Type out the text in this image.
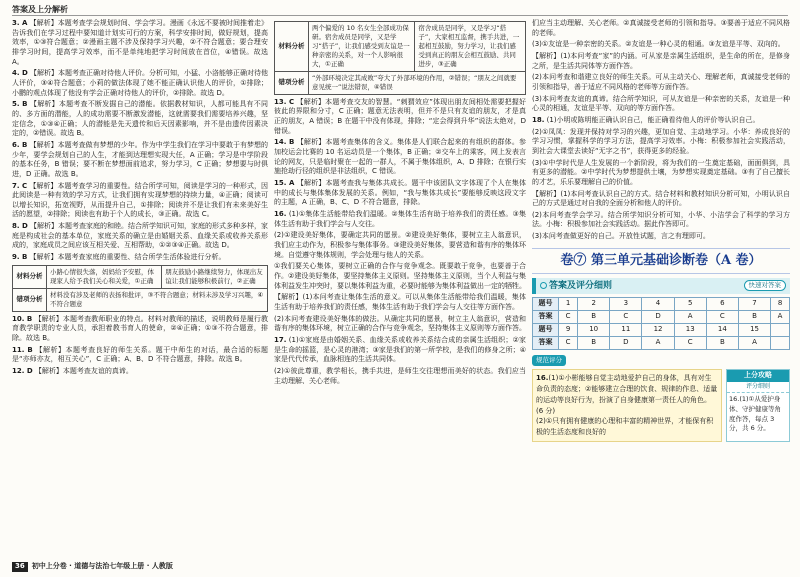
答案及上分解析
3. A 【解析】本题考查学会规划时间、学会学习。漫画《永远不要被时间推着走》告诉我们在学习过程中要知道计划实可行的方案，科学安排时间，做好规划，提高效率，①③符合题意；②漫画主题不涉及保持学习兴趣，②不符合题意；要合理安排学习时间，提高学习效率，而不是单纯地把学习时间放在首位，④错误。故选 A。
4. D 【解析】本题考查正确对待他人评价。分析可知，小猛、小洛能够正确对待他人评价，③④符合题意；小莉的做法体现了她不能正确认识他人的评价，①排除；小鹏的观点体现了他没有学会正确对待他人的评价，②排除。故选 D。
5. B 【解析】本题考查不断发掘自己的潜能。依据教材知识，人都可能具有不同的、多方面的潜能，人的成功需要不断激发潜能，这就需要我们需要培养兴趣，坚定信念，①③④正确；人的潜能是先天遗传和后天因素影响，并不是由遗传因素决定的，②错误。故选 B。
6. B 【解析】本题考查做有梦想的少年。作为中学生我们在学习中要敢于有梦想的少年，要学会规划自己的人生，才能到达理想实现大任，A 正确；学习是中学阶段的基本任务，B 错误；要不断在梦想面前追求，努力学习，C 正确；梦想要与时俱进，D 正确。故选 B。
7. C 【解析】本题考查学习的重要性。结合所学可知，阅读是学习的一种形式，因此阅读是一种有效的学习方式，让我们拥有实现梦想的持续力量，④正确；阅读可以增长知识，拓宽视野，从而提升自己，①排除；阅读并不是让我们有未来美好生活的愿望，②排除；阅读也有助于个人的成长，③正确。故选 C。
8. D 【解析】本题考查家庭的和睦。结合所学知识可知，家庭的形式多种多样，家庭是构成社会的基本单位，家庭关系的确立是由婚姻关系、血缘关系或收养关系形成的，家庭成员之间应该互相关爱、互相帮助，①②③④正确。故选 D。
9. B 【解析】本题考查家庭的重要性、结合所学生活体验进行分析。
材料分析	小路心情很失落，妈妈给予安慰，体现家人给予我们关心和关爱，①正确	朋友鼓励小路继续努力，体现出友谊让我们能够积极前行，②正确
错项分析	材料没有涉及老师的表扬和批评，③不符合题意；材料未涉及学习兴趣，④不符合题意	
10. B 【解析】本题考查教师职业的特点。材料对教师的描述，说明教师是履行教育教学职责的专业人员，承担着教书育人的使命，②④正确；①③不符合题意，排除。故选 B。
11. B 【解析】本题考查良好的师生关系。题干中师生的对话，最合适的标题是“亦师亦友，相互关心”，C 正确；A、B、D 不符合题意，排除。故选 B。
12. D 【解析】本题考查友谊的真谛。
材料分析	两个偏爱的 10 名女生全部成功保研。宿舍成员是同学，又是学习“搭子”，让我们感受到友谊是一种亲密的关系，对一个人影响很大，①正确	宿舍成员是同学，又是学习“搭子”，大家相互监督，携手共进，一起相互鼓励，努力学习，让我们感受到真正的朋友会相互鼓励、共同进步，③正确
错项分析	“外部环境决定其成败”夸大了外部环境的作用，②错误；“朋友之间就要意见统一”说法错误，④错误	
13. C 【解析】本题考查交友的智慧。“刺猬效应”体现出朋友间相处需要把握好彼此的界限和分寸，C 正确；题意无法表明，但并不是只有友谊的朋友，才是真正的朋友，A 错误；B 在题干中没有体现，排除；“定会得到升华”说法太绝对，D 错误。
14. B 【解析】本题考查集体的含义。集体是人们联合起来的有组织的群体。参加校运会比赛的 10 名运动员是一个集体，B 正确；②交车上的乘客，网上发表言论的网友，只是临时聚在一起的一群人，不属于集体组织，A、D 排除；在银行实施抢劫行径的组织是非法组织，C 错误。
15. A 【解析】本题考查我与集体共成长。题干中该团队文字体现了个人在集体中的成长与集体集体发展的关系。例如，“我与集体共成长”要能够反映这段文字的主题，A 正确，B、C、D 不符合题意，排除。
16. (1)①集体生活能带给我们温暖。②集体生活有助于培养我们的责任感。③集体生活有助于我们学会与人交往。
(2)①建设美好集体，要确定共同的愿景。②建设美好集体，要树立主人翁意识，我们应主动作为，积极参与集体事务。③建设美好集体，要营造和谐有序的集体环境。自觉遵守集体规则，学会处理与他人的关系。
①我们要关心集体，要树立正确的合作与竞争观念。既要敢于竞争，也要善于合作。②建设美好集体，要坚持集体主义原则。坚持集体主义原则，当个人利益与集体利益发生冲突时，要以集体利益为重，必要时能够为集体利益做出一定的牺牲。
【解析】(1)本问考查让集体生活的意义。可以从集体生活能带给我们温暖，集体生活有助于培养我们的责任感，集体生活有助于我们学会与人交往等方面作答。
(2)本问考查建设美好集体的做法。从确定共同的愿景，树立主人翁意识，营造和谐有序的集体环境，树立正确的合作与竞争观念，坚持集体主义原则等方面作答。
17. (1)①家庭是由婚姻关系、血缘关系或收养关系结合成的亲属生活组织；②家是生命的摇篮，是心灵的港湾；③家是我们的第一所学校，是我们的修身之所；④家是代代传承，血脉相连的生活共同体。
(2)①彼此尊重，教学相长，携手共进，是师生交往理想而美好的状态。我们应当主动理解、关心老师。
们应当主动理解、关心老师。②真诚接受老师的引领和指导。③要善于适应不同风格的老师。
(3)①友谊是一种亲密的关系。②友谊是一种心灵的相通。③友谊是平等、双向的。
【解析】(1)本问考查“家”的内涵。可从家是亲属生活组织，是生命的所在，是修身之所，是生活共同体等方面作答。
(2)本问考查和谐建立良好的师生关系。可从主动关心、理解老师，真诚接受老师的引领和指导，善于适应不同风格的老师等方面作答。
(3)本问考查友谊的真谛。结合所学知识，可从友谊是一种亲密的关系，友谊是一种心灵的相通，友谊是平等、双向的等方面作答。
18. (1)小明或陈明能正确认识自己，能正确看待他人的评价等认识自己。
(2)①凤凤：发现并保持对学习的兴趣，更加自觉、主动地学习。小华：养成良好的学习习惯，掌握科学的学习方法，提高学习效率。小梅：积极参加社会实践活动，到社会大课堂去读好“无字之书”，获得更多的经验。
(3)①中学时代是人生发展的一个新阶段，将为我们的一生奠定基础，面面俱到，具有更多的潜能。②中学时代为梦想提供土壤，为梦想实现奠定基础。③有了自己擅长的才艺，乐乐要理解自己的价值。
【解析】(1)本问考查认识自己的方式。结合材料和教材知识分析可知，小明认识自己的方式是通过对自我的全面分析和他人的评价。
(2)本问考查学会学习。结合所学知识分析可知，小华、小洁学会了科学的学习方法。小梅：积极参加社会实践活动。据此作答即可。
(3)本问考查做更好的自己。开放性试题，言之有理即可。
卷⑦ 第三单元基础诊断卷（A 卷）
答案及评分细则	快速对答案
题号	1	2	3	4	5	6	7	8
答案	C	B	C	D	A	C	B	A
题号	9	10	11	12	13	14	15	
答案	C	B	D	A	C	B	A	
规范评分
16.(1)①小彬能够自觉主动地爱护自己的身体，具有对生命负责的态度；②能够建立合理的饮食、规律的作息、适量的运动等良好行为，扮演了自身健康第一责任人的角色。(6 分)
(2)①只有拥有健康的心理和丰富的精神世界，才能保有积极的生活态度和良好的
上分攻略
评分细则
16.(1)①从爱护身体、守护健康等角度作答，每点 3 分，共 6 分。
36 初中上分卷 · 道德与法治七年级上册 · 人教版
